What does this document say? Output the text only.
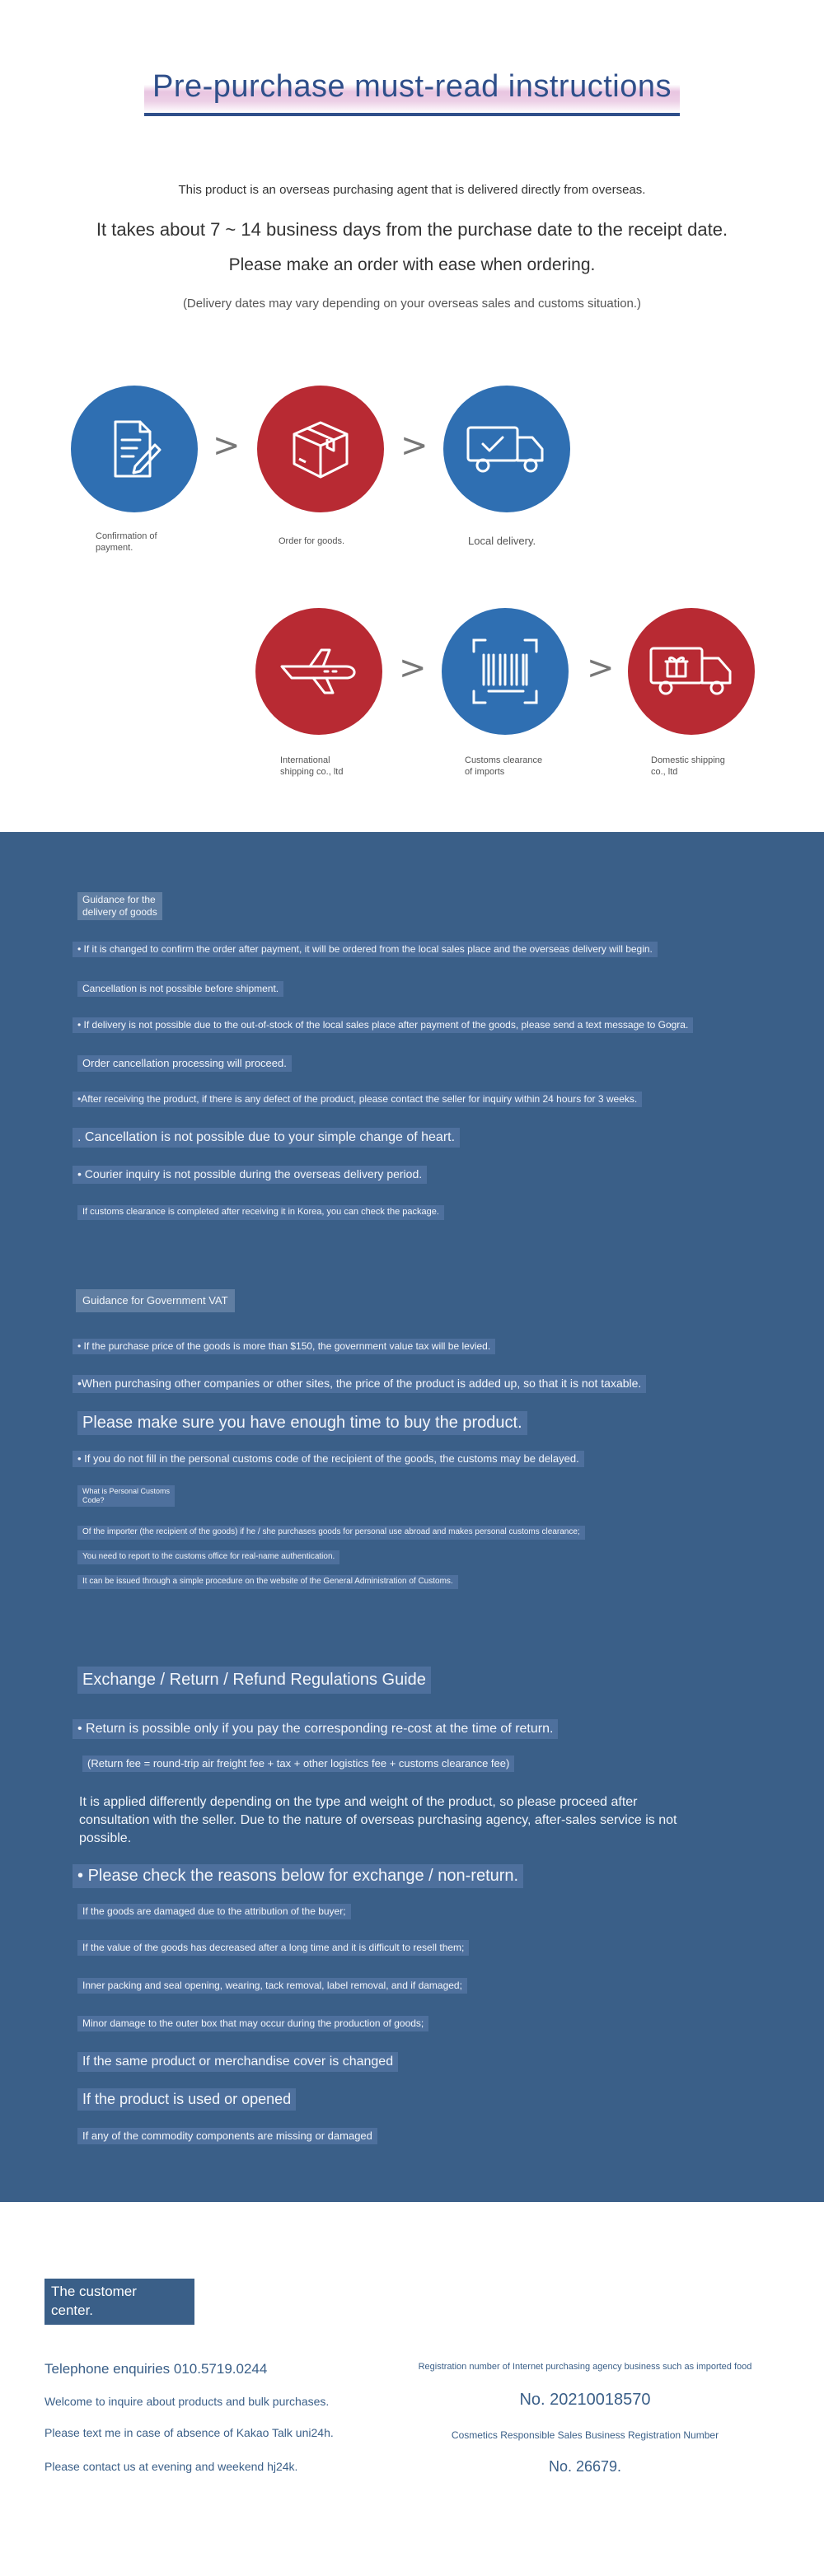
Pre-purchase must-read instructions
This product is an overseas purchasing agent that is delivered directly from overseas.
It takes about 7 ~ 14 business days from the purchase date to the receipt date.
Please make an order with ease when ordering.
(Delivery dates may vary depending on your overseas sales and customs situation.)
>	>
Confirmation of
payment.
Order for goods.	Local delivery.
>	>
International
shipping co., ltd
Customs clearance
of imports
Domestic shipping
co., ltd
Guidance for the
delivery of goods
• If it is changed to confirm the order after payment, it will be ordered from the local sales place and the overseas delivery will begin.
Cancellation is not possible before shipment.
• If delivery is not possible due to the out-of-stock of the local sales place after payment of the goods, please send a text message to Gogra.
Order cancellation processing will proceed.
•After receiving the product, if there is any defect of the product, please contact the seller for inquiry within 24 hours for 3 weeks.
. Cancellation is not possible due to your simple change of heart.
• Courier inquiry is not possible during the overseas delivery period.
If customs clearance is completed after receiving it in Korea, you can check the package.
Guidance for Government VAT
• If the purchase price of the goods is more than $150, the government value tax will be levied.
•When purchasing other companies or other sites, the price of the product is added up, so that it is not taxable.
Please make sure you have enough time to buy the product.
• If you do not fill in the personal customs code of the recipient of the goods, the customs may be delayed.
What is Personal Customs
Code?
Of the importer (the recipient of the goods) if he / she purchases goods for personal use abroad and makes personal customs clearance;
You need to report to the customs office for real-name authentication.
It can be issued through a simple procedure on the website of the General Administration of Customs.
Exchange / Return / Refund Regulations Guide
• Return is possible only if you pay the corresponding re-cost at the time of return.
(Return fee = round-trip air freight fee + tax + other logistics fee + customs clearance fee)
It is applied differently depending on the type and weight of the product, so please proceed after
consultation with the seller. Due to the nature of overseas purchasing agency, after-sales service is not
possible.
• Please check the reasons below for exchange / non-return.
If the goods are damaged due to the attribution of the buyer;
If the value of the goods has decreased after a long time and it is difficult to resell them;
Inner packing and seal opening, wearing, tack removal, label removal, and if damaged;
Minor damage to the outer box that may occur during the production of goods;
If the same product or merchandise cover is changed
If the product is used or opened
If any of the commodity components are missing or damaged
The customer
center.
Telephone enquiries 010.5719.0244
Welcome to inquire about products and bulk purchases.
Please text me in case of absence of Kakao Talk uni24h.
Please contact us at evening and weekend hj24k.
Registration number of Internet purchasing agency business such as imported food
No. 20210018570
Cosmetics Responsible Sales Business Registration Number
No. 26679.
